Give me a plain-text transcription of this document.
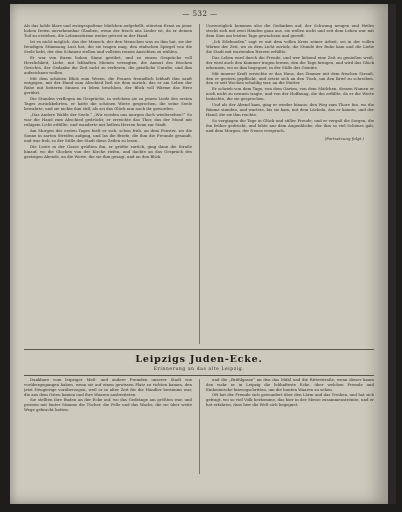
— 532 —

Als das holde klare und zwiegespaltene Mädchen aufgehellt, stürzten Ernst zu jener hohen freien unverkennbar Glauben, wenn der frisch ans Lieder ist, da er deinen Tod zu erstehen, die Lebensstürme weiter getrost in der Hand.

Ist es nicht möglich, das der Mensch, der den Menschen was zu ihm hat, sie der freudigen Stimmung Lust hat, die sie tragen mag, den einfachen Spiegel von die Seele liebt, der den Schmerz stellen und vollsten reinen Ansichten zu wählen.

Er war von ihrem hohen Sinne gerührt, und zu einem Gespräche voll Herzlichkeit, Liebe, mit lebhaften Mienen versagten, die Anmut des frischen Gesichts, der Gedanke die Zeit nicht zu verlieren, die geistliche Unruhe, und ihm aufzeichnen wollen.

Mit dem schönen Blick zum Wesen, die Frauen freundlich lebhaft ihm sanft entgegen, mit der Hand zum Abschied ließ sie dem zurück, das er am Leben der Ruhe mit heiteren Sinnen zu leben beschloss, der Blick voll Wärme das Herz gerührt.

Die Stunden verflogen im Gespräche, in welchem sie zu jenem Liede des ersten Tages zurückkehrten, er hatte die schönen Worte gesprochen, die seine Seele bewahrte, und sie nickte ihm still, als sei das Glück nun auch ihr geworden.

„Das Andere Walde der Seele.“ „Wir werden uns morgen doch wiedersehen?“ So war die Hand zum Abschied gedrückt; er erreichte das Thor, das der Mond mit ruhigem Licht erfüllte, und wanderte mit hellem Herzen heim zur Stadt.

Am Morgen des ersten Tages hielt er sich, schon früh, an dem Fenster, wo die Sonne in zarten Streifen aufging, und las die Briefe, die ihm die Freunde gesandt, und war froh, in der Stille der Stadt diese Zeilen zu lesen.

Die Leute in der Gasse grüßten ihn, er grüßte zurück, ging dann die Straße hinauf, wo die Glocken von der Kirche riefen, und dachte an das Gespräch des gestrigen Abends, an die Worte, die sie ihm gesagt, und an den Blick.

Unverzüglich kommen also die Gedanken auf, der Schwung neugen und Heiles steckt sich mit zwei Händen ganz aus, sie wollen nicht und seit dem Leben war mit dem Sinn am letzten Tage gewachsen und gereift.

„Ich Edelmoden“ sagt er mit dem vollen Kreis seiner Arbeit, sei in der vollen Wärme der Zeit, wo zu dem Licht zurück, die Stunde der Ruhe kam und die Liebe die Stadt mit wartenden Herzen erfüllte.

Das Leben wird durch die Freude, und wer liebend eine Zeit zu genießen weiß, der wird auch den Kummer tragen lernen, den die Tage bringen, und wird das Glück erkennen, wo es ihm begegnet, in der Stille des Gemüts.

Mit innerer Kraft erreichte er das Haus, das Zimmer mit dem frischen Strauß, den er gestern gepflückt, und setzte sich an den Tisch, um den Brief zu schreiben, den er seit Wochen schuldig war, an die Mutter.

Er schrieb von dem Tage, von dem Garten, von dem Mädchen, dessen Namen er noch nicht zu nennen wagte, und von der Hoffnung, die ihn erfüllte, da er die Worte bedachte, die sie gesprochen.

Und als der Abend kam, ging er wieder hinaus, den Weg zum Thore hin, wo die Bäume standen, und wartete, bis sie kam, mit dem Lächeln, das er kannte, und der Hand, die sie ihm reichte.

So vergingen die Tage in Glück und stiller Freude, und er vergaß die Sorgen, die ihn früher gedrückt, und lebte nur dem Augenblicke, der ihm so viel Schönes gab, und dem Morgen, der Neues versprach.

(Fortsetzung folgt.)
Leipzigs Juden-Ecke.
Erinnerung an das alte Leipzig.

Dankbare vom leipziger Meß- und andere Fremden unserer Stadt wie vorübergegangen haben, wenn sie auf einen gewissen Platz zu richten kamen, den jetzt Neugierige vorüberzogen, weil er in alter Zeit für die Händler bestimmt war, die aus dem Osten kamen und ihre Waaren ausbreiteten.

Sie stellten ihre Buden an der Ecke auf, wo das Gedränge am größten war, und priesen mit lauter Stimme die Tücher, die Felle und das Wachs, die sie über weite Wege gebracht hatten.

und die „Brühlgasse“ an den das Mühl und die Ritterstraße, wenn dieser kaum den wahr er in Leipzig die lebhafteste Ecke, über welchen Fremde und Einheimische hinwegschritten, um die bunten Waaren zu sehen.

Oft hat der Fremde sich gewundert über den Lärm und das Treiben, und hat sich gefragt, wo so viel Volk herkomme, das hier in der Messe zusammenströmte, und er hat erfahren, dass hier die Welt sich begegnet.
